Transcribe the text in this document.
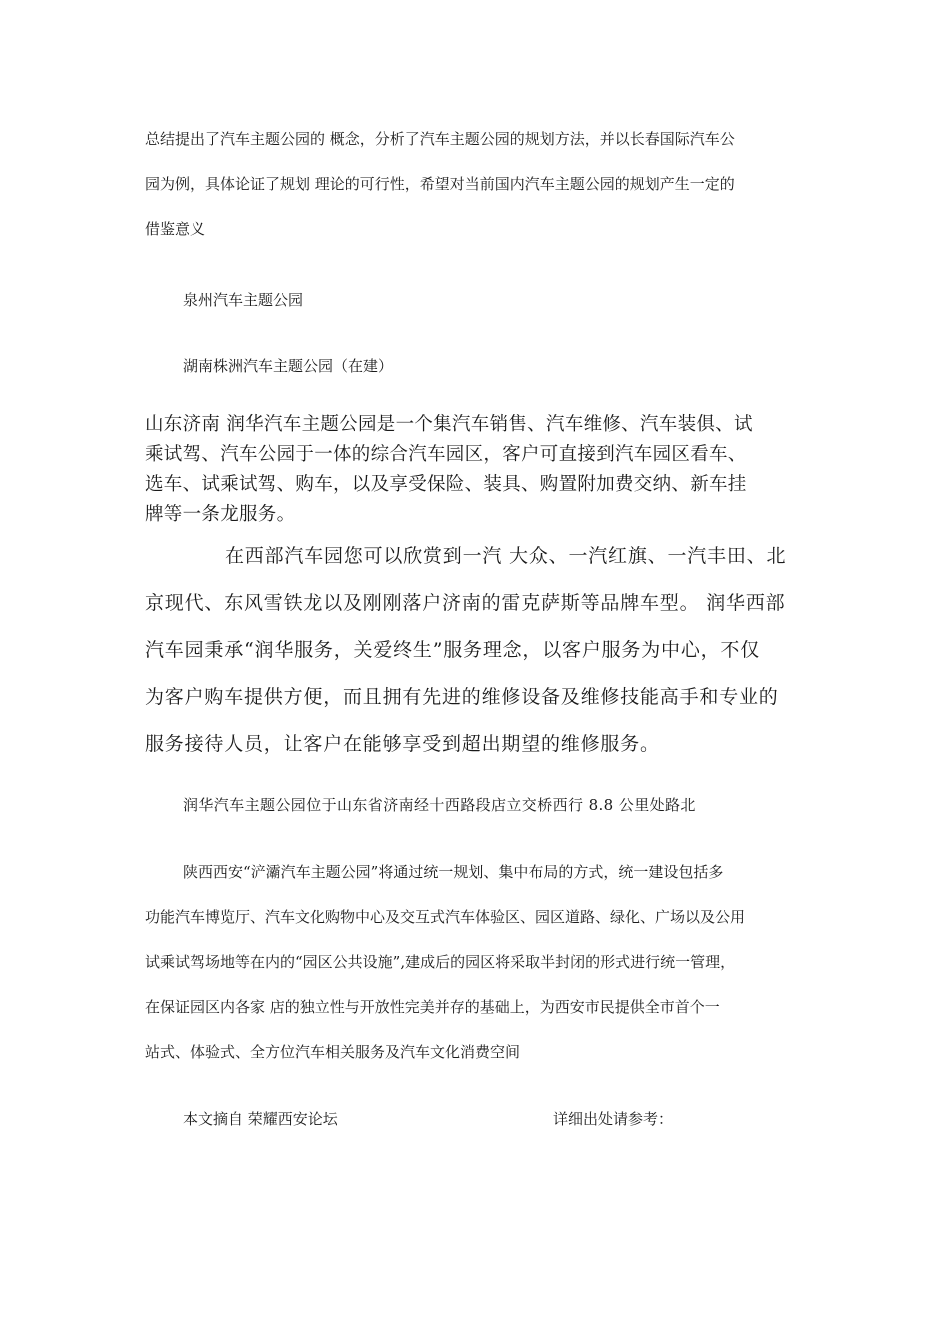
总结提出了汽车主题公园的 概念，分析了汽车主题公园的规划方法，并以长春国际汽车公
园为例，具体论证了规划 理论的可行性，希望对当前国内汽车主题公园的规划产生一定的
借鉴意义
泉州汽车主题公园
湖南株洲汽车主题公园（在建）
山东济南 润华汽车主题公园是一个集汽车销售、汽车维修、汽车装俱、试
乘试驾、汽车公园于一体的综合汽车园区，客户可直接到汽车园区看车、
选车、试乘试驾、购车，以及享受保险、装具、购置附加费交纳、新车挂
牌等一条龙服务。
在西部汽车园您可以欣赏到一汽 大众、一汽红旗、一汽丰田、北
京现代、东风雪铁龙以及刚刚落户济南的雷克萨斯等品牌车型。 润华西部
汽车园秉承“润华服务，关爱终生”服务理念，以客户服务为中心，不仅
为客户购车提供方便，而且拥有先进的维修设备及维修技能高手和专业的
服务接待人员，让客户在能够享受到超出期望的维修服务。
润华汽车主题公园位于山东省济南经十西路段店立交桥西行 8.8 公里处路北
陕西西安“浐灞汽车主题公园”将通过统一规划、集中布局的方式，统一建设包括多
功能汽车博览厅、汽车文化购物中心及交互式汽车体验区、园区道路、绿化、广场以及公用
试乘试驾场地等在内的“园区公共设施”,建成后的园区将采取半封闭的形式进行统一管理，
在保证园区内各家 店的独立性与开放性完美并存的基础上，为西安市民提供全市首个一
站式、体验式、全方位汽车相关服务及汽车文化消费空间
本文摘自 荣耀西安论坛	详细出处请参考：
